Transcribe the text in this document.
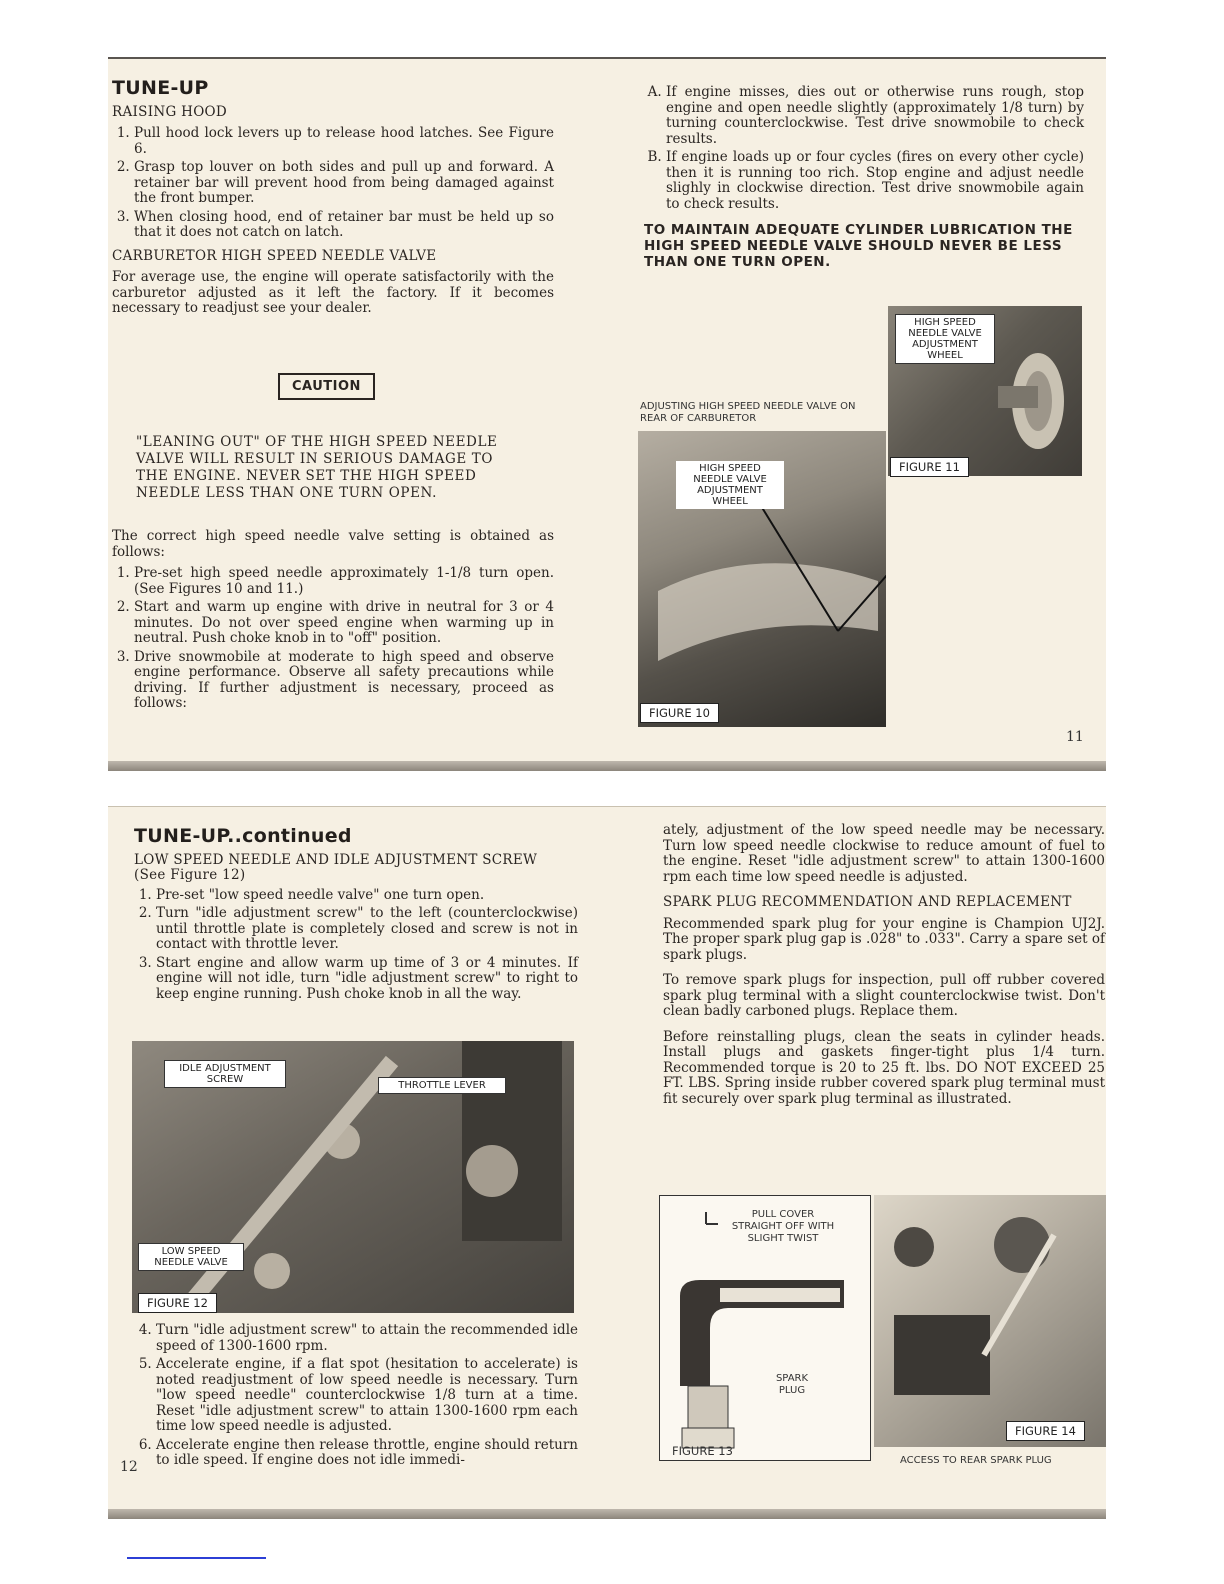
TUNE-UP
RAISING HOOD
1. Pull hood lock levers up to release hood latches. See Figure 6.
2. Grasp top louver on both sides and pull up and forward. A retainer bar will prevent hood from being damaged against the front bumper.
3. When closing hood, end of retainer bar must be held up so that it does not catch on latch.
CARBURETOR HIGH SPEED NEEDLE VALVE

For average use, the engine will operate satisfactorily with the carburetor adjusted as it left the factory. If it becomes necessary to readjust see your dealer.

CAUTION
"LEANING OUT" OF THE HIGH SPEED NEEDLE VALVE WILL RESULT IN SERIOUS DAMAGE TO THE ENGINE. NEVER SET THE HIGH SPEED NEEDLE LESS THAN ONE TURN OPEN.

The correct high speed needle valve setting is obtained as follows:

1. Pre-set high speed needle approximately 1-1/8 turn open. (See Figures 10 and 11.)
2. Start and warm up engine with drive in neutral for 3 or 4 minutes. Do not over speed engine when warming up in neutral. Push choke knob in to "off" position.
3. Drive snowmobile at moderate to high speed and observe engine performance. Observe all safety precautions while driving. If further adjustment is necessary, proceed as follows:
A. If engine misses, dies out or otherwise runs rough, stop engine and open needle slightly (approximately 1/8 turn) by turning counterclockwise. Test drive snowmobile to check results.
B. If engine loads up or four cycles (fires on every other cycle) then it is running too rich. Stop engine and adjust needle slighly in clockwise direction. Test drive snowmobile again to check results.
TO MAINTAIN ADEQUATE CYLINDER LUBRICATION THE HIGH SPEED NEEDLE VALVE SHOULD NEVER BE LESS THAN ONE TURN OPEN.
HIGH SPEED NEEDLE VALVE ADJUSTMENT WHEEL
ADJUSTING HIGH SPEED NEEDLE VALVE ON REAR OF CARBURETOR
FIGURE 11
HIGH SPEED NEEDLE VALVE ADJUSTMENT WHEEL
FIGURE 10
11
TUNE-UP..continued
LOW SPEED NEEDLE AND IDLE ADJUSTMENT SCREW
(See Figure 12)
1. Pre-set "low speed needle valve" one turn open.
2. Turn "idle adjustment screw" to the left (counterclockwise) until throttle plate is completely closed and screw is not in contact with throttle lever.
3. Start engine and allow warm up time of 3 or 4 minutes. If engine will not idle, turn "idle adjustment screw" to right to keep engine running. Push choke knob in all the way.
IDLE ADJUSTMENT SCREW
THROTTLE LEVER
LOW SPEED NEEDLE VALVE
FIGURE 12
4. Turn "idle adjustment screw" to attain the recommended idle speed of 1300-1600 rpm.
5. Accelerate engine, if a flat spot (hesitation to accelerate) is noted readjustment of low speed needle is necessary. Turn "low speed needle" counterclockwise 1/8 turn at a time. Reset "idle adjustment screw" to attain 1300-1600 rpm each time low speed needle is adjusted.
6. Accelerate engine then release throttle, engine should return to idle speed. If engine does not idle immedi-
12

ately, adjustment of the low speed needle may be necessary. Turn low speed needle clockwise to reduce amount of fuel to the engine. Reset "idle adjustment screw" to attain 1300-1600 rpm each time low speed needle is adjusted.

SPARK PLUG RECOMMENDATION AND REPLACEMENT

Recommended spark plug for your engine is Champion UJ2J. The proper spark plug gap is .028" to .033". Carry a spare set of spark plugs.

To remove spark plugs for inspection, pull off rubber covered spark plug terminal with a slight counterclockwise twist. Don't clean badly carboned plugs. Replace them.

Before reinstalling plugs, clean the seats in cylinder heads. Install plugs and gaskets finger-tight plus 1/4 turn. Recommended torque is 20 to 25 ft. lbs. DO NOT EXCEED 25 FT. LBS. Spring inside rubber covered spark plug terminal must fit securely over spark plug terminal as illustrated.

PULL COVER STRAIGHT OFF WITH SLIGHT TWIST
SPARK PLUG
FIGURE 13
FIGURE 14
ACCESS TO REAR SPARK PLUG
